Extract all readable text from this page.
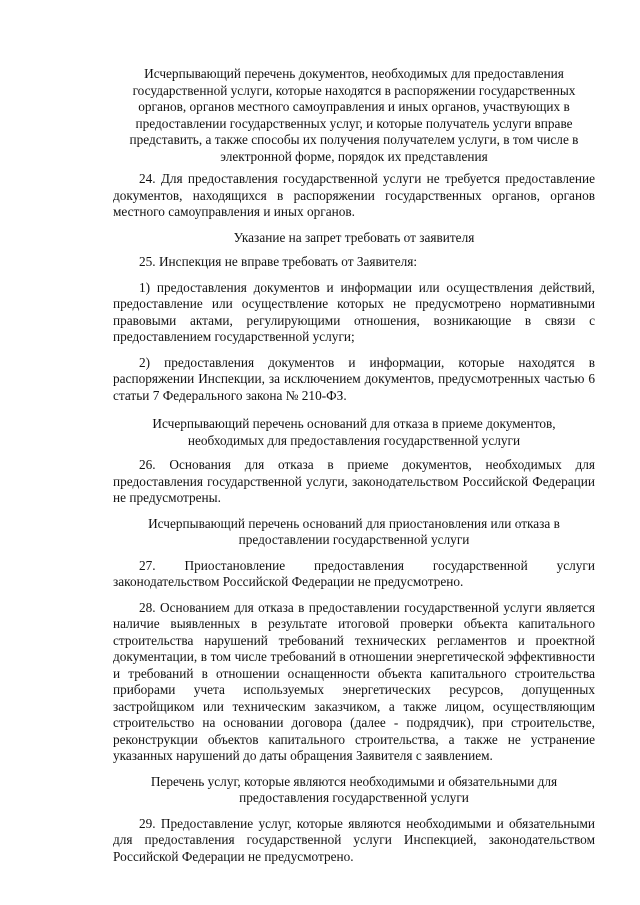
Исчерпывающий перечень документов, необходимых для предоставления государственной услуги, которые находятся в распоряжении государственных органов, органов местного самоуправления и иных органов, участвующих в предоставлении государственных услуг, и которые получатель услуги вправе представить, а также способы их получения получателем услуги, в том числе в электронной форме, порядок их представления

24. Для предоставления государственной услуги не требуется предоставление документов, находящихся в распоряжении государственных органов, органов местного самоуправления и иных органов.

Указание на запрет требовать от заявителя

25. Инспекция не вправе требовать от Заявителя:

1) предоставления документов и информации или осуществления действий, предоставление или осуществление которых не предусмотрено нормативными правовыми актами, регулирующими отношения, возникающие в связи с предоставлением государственной услуги;

2) предоставления документов и информации, которые находятся в распоряжении Инспекции, за исключением документов, предусмотренных частью 6 статьи 7 Федерального закона № 210-ФЗ.

Исчерпывающий перечень оснований для отказа в приеме документов, необходимых для предоставления государственной услуги

26. Основания для отказа в приеме документов, необходимых для предоставления государственной услуги, законодательством Российской Федерации не предусмотрены.

Исчерпывающий перечень оснований для приостановления или отказа в предоставлении государственной услуги

27. Приостановление предоставления государственной услуги законодательством Российской Федерации не предусмотрено.

28. Основанием для отказа в предоставлении государственной услуги является наличие выявленных в результате итоговой проверки объекта капитального строительства нарушений требований технических регламентов и проектной документации, в том числе требований в отношении энергетической эффективности и требований в отношении оснащенности объекта капитального строительства приборами учета используемых энергетических ресурсов, допущенных застройщиком или техническим заказчиком, а также лицом, осуществляющим строительство на основании договора (далее - подрядчик), при строительстве, реконструкции объектов капитального строительства, а также не устранение указанных нарушений до даты обращения Заявителя с заявлением.

Перечень услуг, которые являются необходимыми и обязательными для предоставления государственной услуги

29. Предоставление услуг, которые являются необходимыми и обязательными для предоставления государственной услуги Инспекцией, законодательством Российской Федерации не предусмотрено.
